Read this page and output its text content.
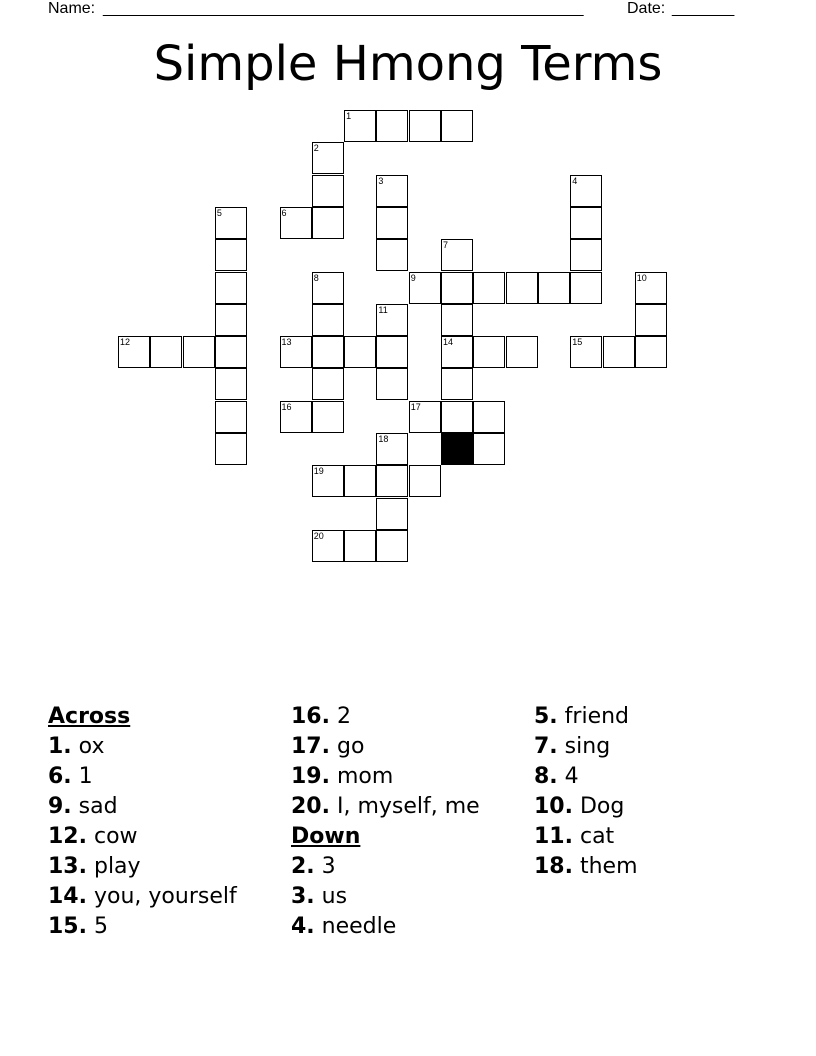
Name: ______________________________________________________	Date: _______
Simple Hmong Terms
1
2
3	4
5	6
7
8	9	10
11
12	13	14	15
16	17
18
19
20
Across
1. ox
6. 1
9. sad
12. cow
13. play
14. you, yourself
15. 5
16. 2
17. go
19. mom
20. I, myself, me
Down
2. 3
3. us
4. needle
5. friend
7. sing
8. 4
10. Dog
11. cat
18. them
